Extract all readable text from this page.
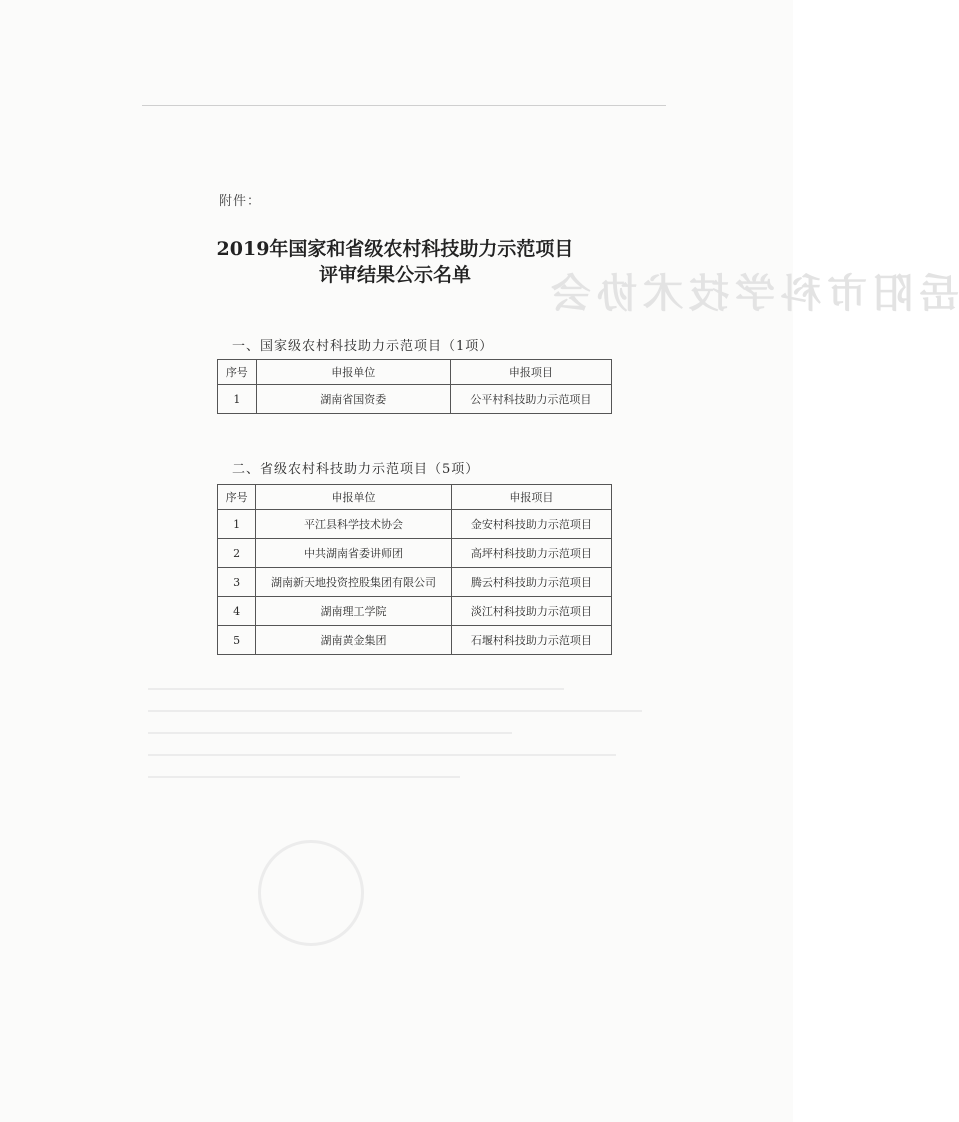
岳阳市科学技术协会
附件：
2019年国家和省级农村科技助力示范项目
评审结果公示名单
一、国家级农村科技助力示范项目（1项）
序号	申报单位	申报项目
1	湖南省国资委	公平村科技助力示范项目
二、省级农村科技助力示范项目（5项）
序号	申报单位	申报项目
1	平江县科学技术协会	金安村科技助力示范项目
2	中共湖南省委讲师团	高坪村科技助力示范项目
3	湖南新天地投资控股集团有限公司	腾云村科技助力示范项目
4	湖南理工学院	淡江村科技助力示范项目
5	湖南黄金集团	石堰村科技助力示范项目
